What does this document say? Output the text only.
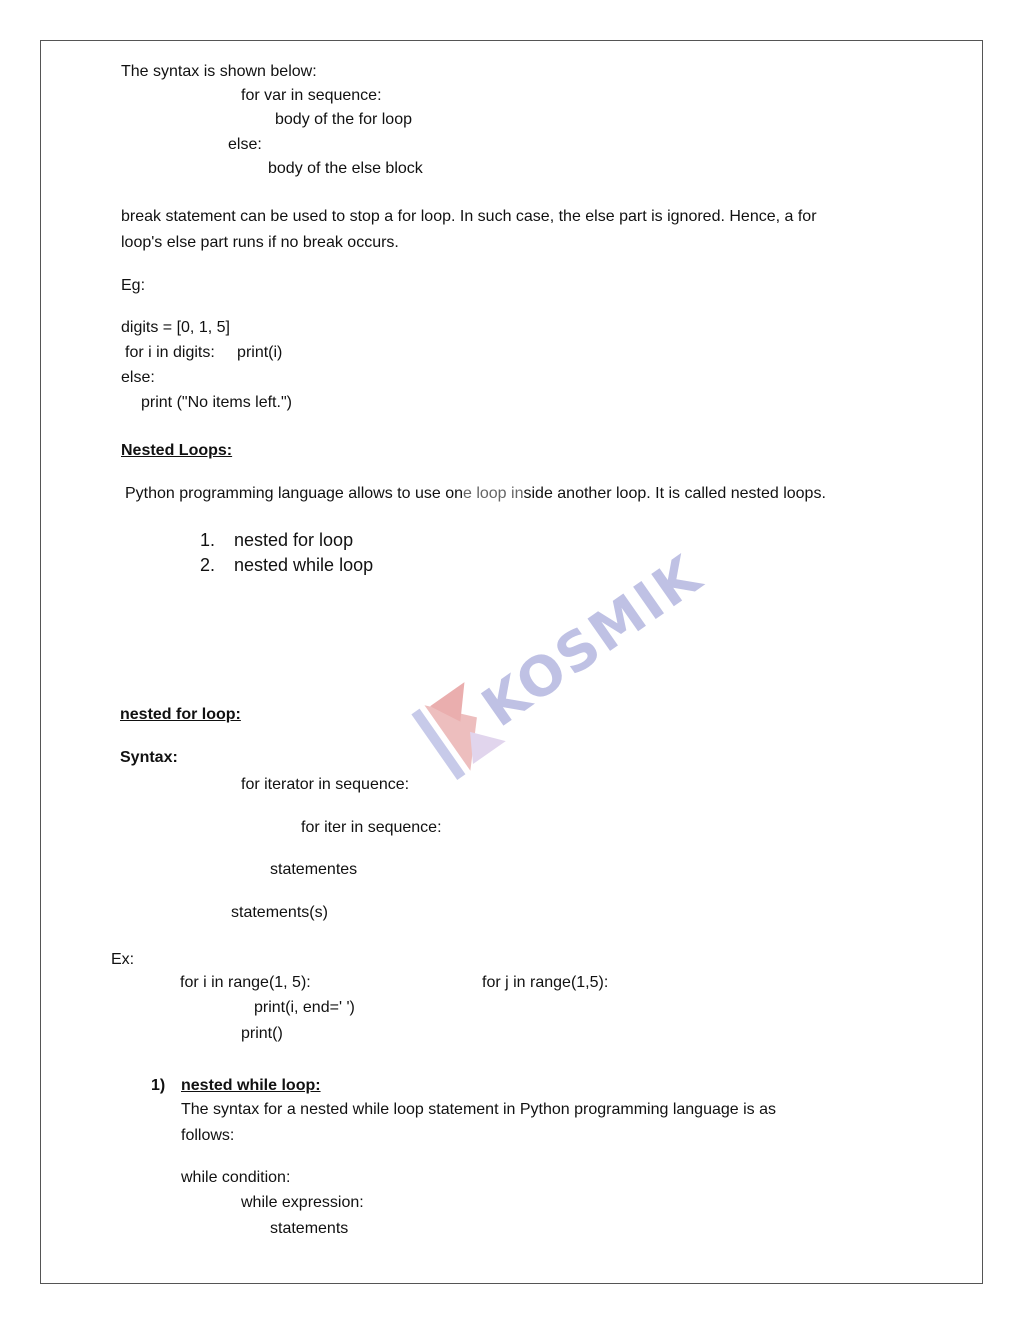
The syntax is shown below:
for var in sequence:
body of the for loop
else:
body of the else block
break statement can be used to stop a for loop. In such case, the else part is ignored. Hence, a for
loop's else part runs if no break occurs.
Eg:
digits = [0, 1, 5]
for i in digits:     print(i)
else:
print ("No items left.")
Nested Loops:
Python programming language allows to use one loop inside another loop. It is called nested loops.
1. nested for loop
2. nested while loop KOSMIK
nested for loop:
Syntax:
for iterator in sequence:
for iter in sequence:
statementes
statements(s)
Ex:
for i in range(1, 5):	for j in range(1,5):
print(i, end=' ')
print()
1) nested while loop:
The syntax for a nested while loop statement in Python programming language is as
follows:
while condition:
while expression:
statements
